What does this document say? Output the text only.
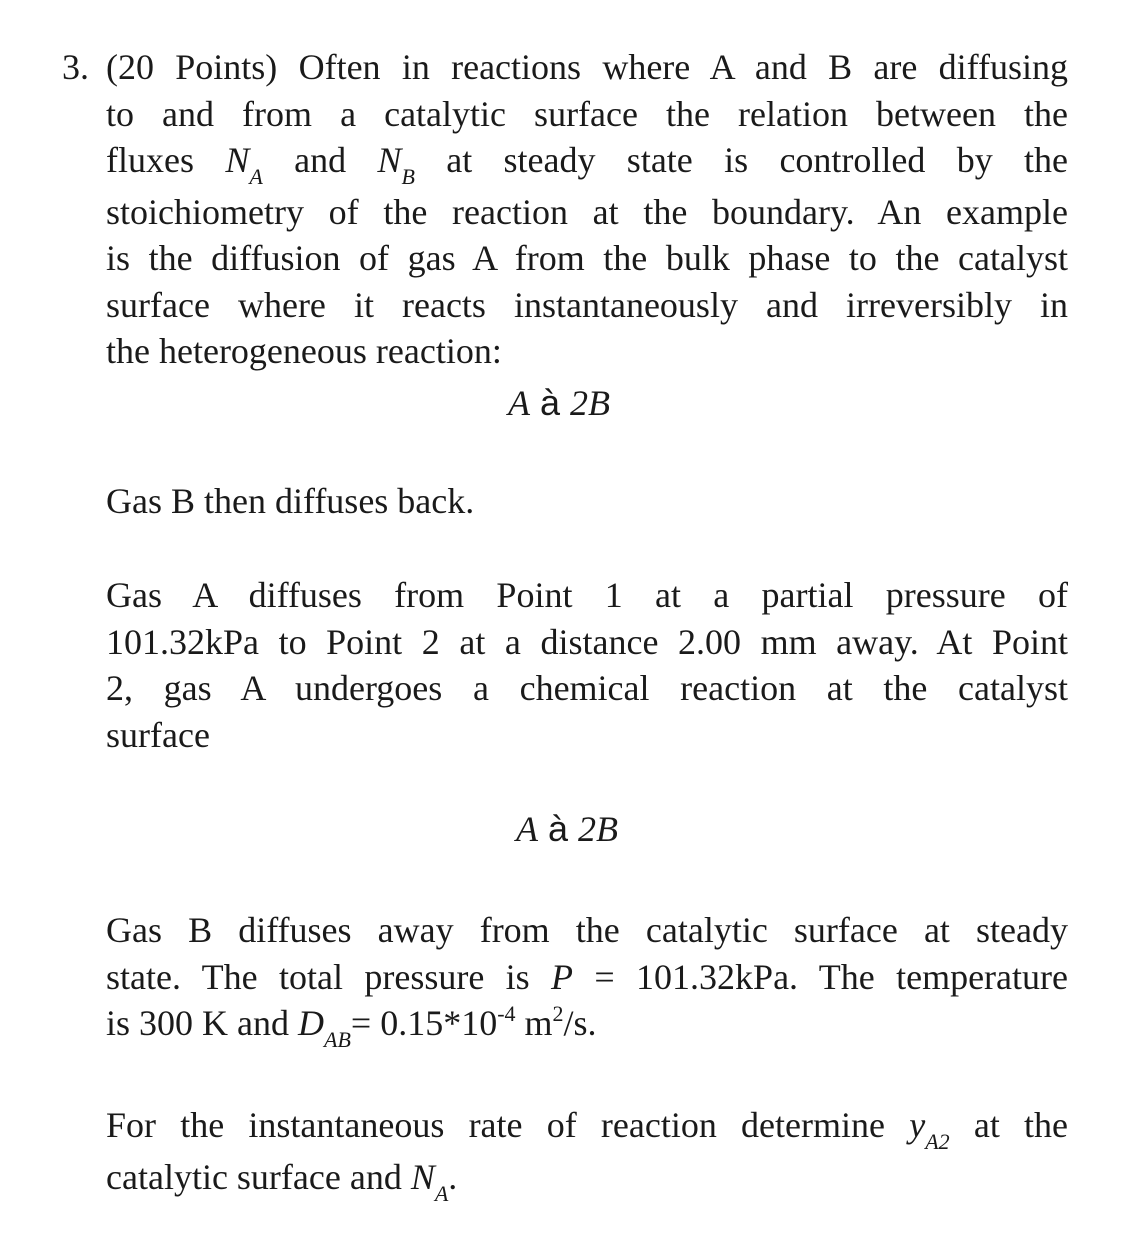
3. (20 Points) Often in reactions where A and B are diffusing
to and from a catalytic surface the relation between the
fluxes $N_A$ and $N_B$ at steady state is controlled by the
stoichiometry of the reaction at the boundary. An example
is the diffusion of gas A from the bulk phase to the catalyst
surface where it reacts instantaneously and irreversibly in
the heterogeneous reaction:
A à 2B
Gas B then diffuses back.
Gas A diffuses from Point 1 at a partial pressure of
101.32kPa to Point 2 at a distance 2.00 mm away. At Point
2, gas A undergoes a chemical reaction at the catalyst
surface
A à 2B
Gas B diffuses away from the catalytic surface at steady
state. The total pressure is P = 101.32kPa. The temperature
is 300 K and $D_{AB}= 0.15*10^{-4}$ $m^2/s$.
For the instantaneous rate of reaction determine $y_{A2}$ at the
catalytic surface and $N_A$.
